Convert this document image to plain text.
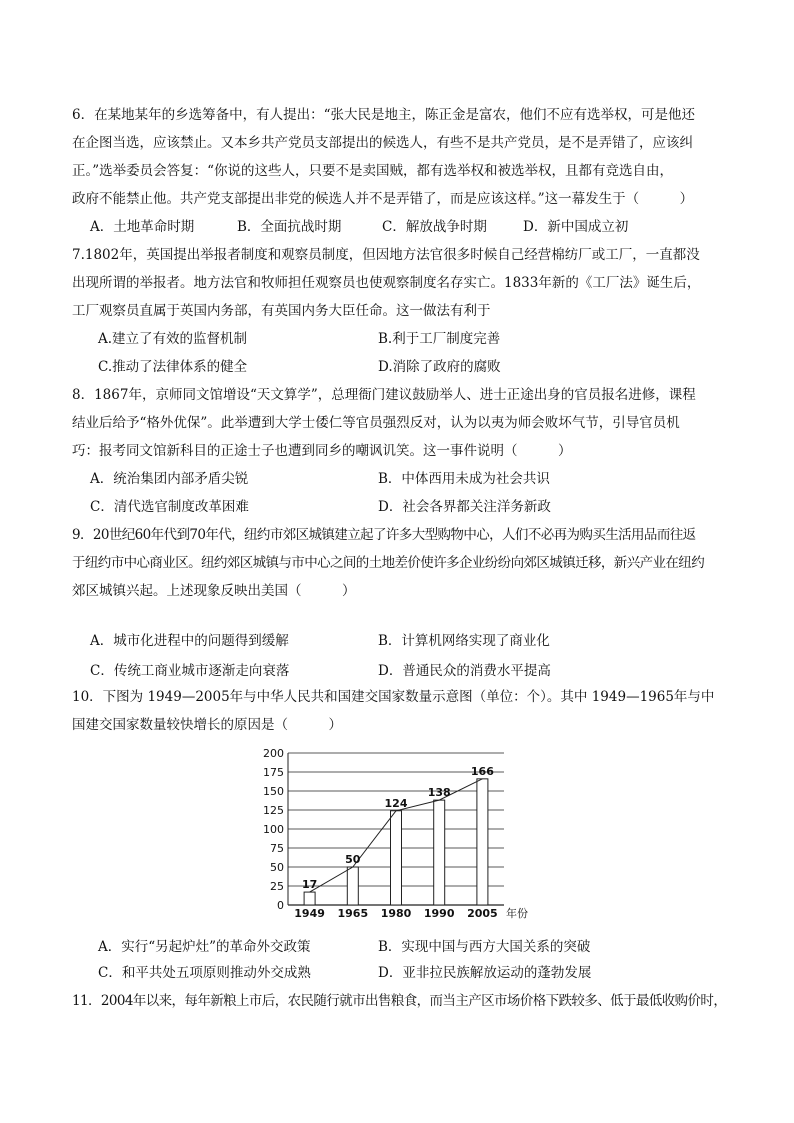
6．在某地某年的乡选筹备中，有人提出：“张大民是地主，陈正金是富农，他们不应有选举权，可是他还
在企图当选，应该禁止。又本乡共产党员支部提出的候选人，有些不是共产党员，是不是弄错了，应该纠
正。”选举委员会答复：“你说的这些人，只要不是卖国贼，都有选举权和被选举权，且都有竞选自由，
政府不能禁止他。共产党支部提出非党的候选人并不是弄错了，而是应该这样。”这一幕发生于（　　　）
A．土地革命时期	B．全面抗战时期	C．解放战争时期	D．新中国成立初
7.1802年，英国提出举报者制度和观察员制度，但因地方法官很多时候自己经营棉纺厂或工厂，一直都没
出现所谓的举报者。地方法官和牧师担任观察员也使观察制度名存实亡。1833年新的《工厂法》诞生后，
工厂观察员直属于英国内务部，有英国内务大臣任命。这一做法有利于
A.建立了有效的监督机制	B.利于工厂制度完善
C.推动了法律体系的健全	D.消除了政府的腐败
8．1867年，京师同文馆增设“天文算学”，总理衙门建议鼓励举人、进士正途出身的官员报名进修，课程
结业后给予“格外优保”。此举遭到大学士倭仁等官员强烈反对，认为以夷为师会败坏气节，引导官员机
巧：报考同文馆新科目的正途士子也遭到同乡的嘲讽讥笑。这一事件说明（　　　）
A．统治集团内部矛盾尖锐	B．中体西用未成为社会共识
C．清代选官制度改革困难	D．社会各界都关注洋务新政
9．20世纪60年代到70年代，纽约市郊区城镇建立起了许多大型购物中心，人们不必再为购买生活用品而往返
于纽约市中心商业区。纽约郊区城镇与市中心之间的土地差价使许多企业纷纷向郊区城镇迁移，新兴产业在纽约
郊区城镇兴起。上述现象反映出美国（　　　）
A．城市化进程中的问题得到缓解	B．计算机网络实现了商业化
C．传统工商业城市逐渐走向衰落	D．普通民众的消费水平提高
10．下图为 1949—2005年与中华人民共和国建交国家数量示意图（单位：个）。其中 1949—1965年与中
国建交国家数量较快增长的原因是（　　　）
0
25
50
75
100
125
150
175
200
17
50
124
138
166
1949 1965 1980 1990 2005 年份
A．实行“另起炉灶”的革命外交政策	B．实现中国与西方大国关系的突破
C．和平共处五项原则推动外交成熟	D．亚非拉民族解放运动的蓬勃发展
11．2004年以来，每年新粮上市后，农民随行就市出售粮食，而当主产区市场价格下跌较多、低于最低收购价时，
